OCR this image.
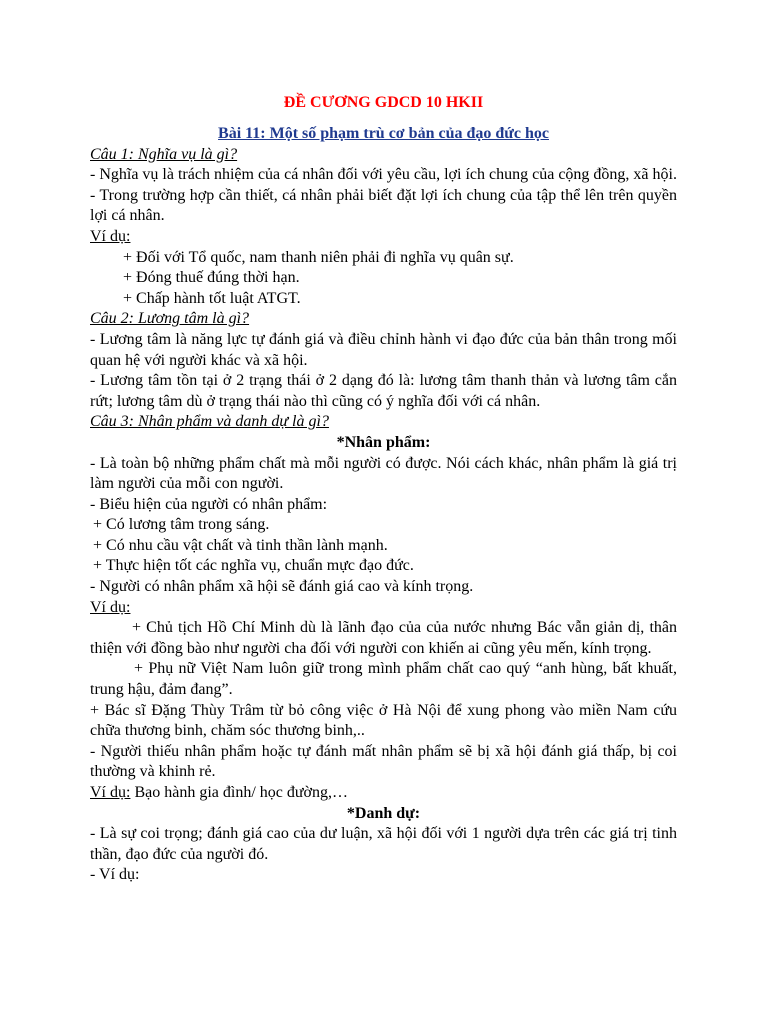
ĐỀ CƯƠNG GDCD 10 HKII
Bài 11: Một số phạm trù cơ bản của đạo đức học

Câu 1: Nghĩa vụ là gì?

- Nghĩa vụ là trách nhiệm của cá nhân đối với yêu cầu, lợi ích chung của cộng đồng, xã hội.

- Trong trường hợp cần thiết, cá nhân phải biết đặt lợi ích chung của tập thể lên trên quyền lợi cá nhân.

Ví dụ:

+ Đối với Tổ quốc, nam thanh niên phải đi nghĩa vụ quân sự.

+ Đóng thuế đúng thời hạn.

+ Chấp hành tốt luật ATGT.

Câu 2: Lương tâm là gì?

- Lương tâm là năng lực tự đánh giá và điều chỉnh hành vi đạo đức của bản thân trong mối quan hệ với người khác và xã hội.

- Lương tâm tồn tại ở 2 trạng thái ở 2 dạng đó là: lương tâm thanh thản và lương tâm cắn rứt; lương tâm dù ở trạng thái nào thì cũng có ý nghĩa đối với cá nhân.

Câu 3: Nhân phẩm và danh dự là gì?

*Nhân phẩm:

- Là toàn bộ những phẩm chất mà mỗi người có được. Nói cách khác, nhân phẩm là giá trị làm người của mỗi con người.

- Biểu hiện của người có nhân phẩm:

+ Có lương tâm trong sáng.

+ Có nhu cầu vật chất và tinh thần lành mạnh.

+ Thực hiện tốt các nghĩa vụ, chuẩn mực đạo đức.

- Người có nhân phẩm xã hội sẽ đánh giá cao và kính trọng.

Ví dụ:

+ Chủ tịch Hồ Chí Minh dù là lãnh đạo của của nước nhưng Bác vẫn giản dị, thân thiện với đồng bào như người cha đối với người con khiến ai cũng yêu mến, kính trọng.

+ Phụ nữ Việt Nam luôn giữ trong mình phẩm chất cao quý “anh hùng, bất khuất, trung hậu, đảm đang”.

+ Bác sĩ Đặng Thùy Trâm từ bỏ công việc ở Hà Nội để xung phong vào miền Nam cứu chữa thương binh, chăm sóc thương binh,..

- Người thiếu nhân phẩm hoặc tự đánh mất nhân phẩm sẽ bị xã hội đánh giá thấp, bị coi thường và khinh rẻ.

Ví dụ: Bạo hành gia đình/ học đường,…

*Danh dự:

- Là sự coi trọng; đánh giá cao của dư luận, xã hội đối với 1 người dựa trên các giá trị tinh thần, đạo đức của người đó.

- Ví dụ:
